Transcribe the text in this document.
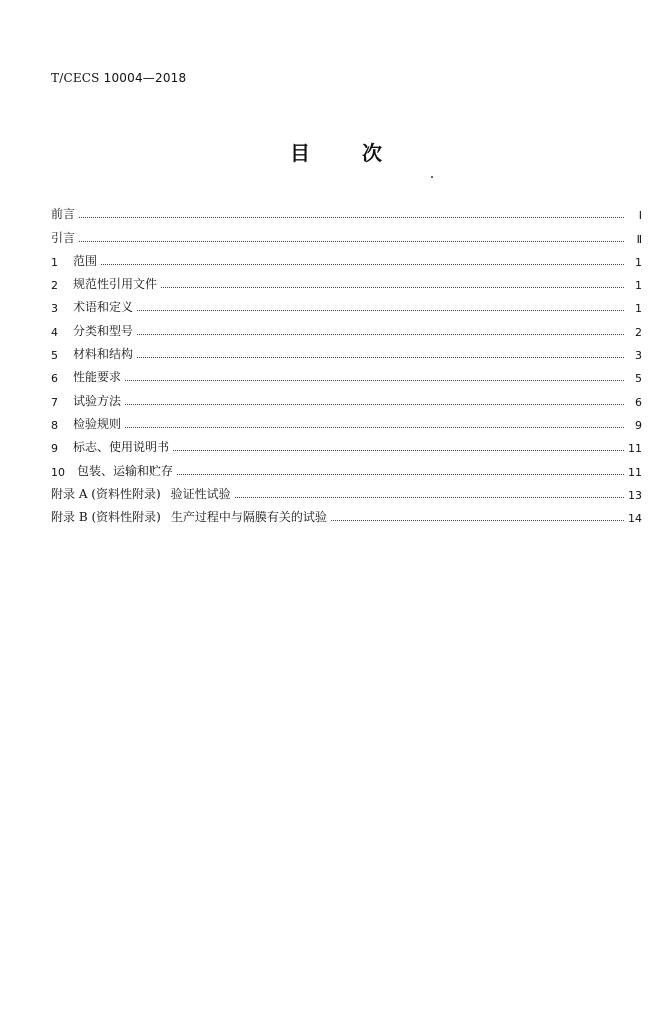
T/CECS 10004—2018
目	次
前言	Ⅰ
引言	Ⅱ
1	范围	1
2	规范性引用文件	1
3	术语和定义	1
4	分类和型号	2
5	材料和结构	3
6	性能要求	5
7	试验方法	6
8	检验规则	9
9	标志、使用说明书	11
10	包装、运输和贮存	11
附录 A (资料性附录) 验证性试验	13
附录 B (资料性附录) 生产过程中与隔膜有关的试验	14
